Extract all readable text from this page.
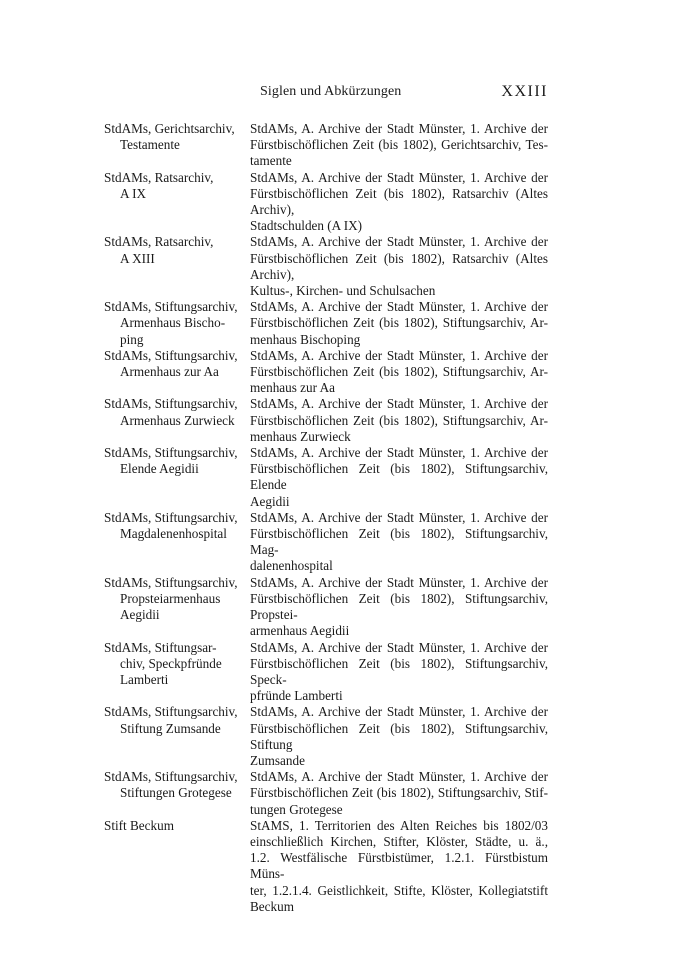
Siglen und Abkürzungen	XXIII
StdAMs, Gerichtsarchiv,
Testamente
StdAMs, A. Archive der Stadt Münster, 1. Archive der
Fürstbischöflichen Zeit (bis 1802), Gerichtsarchiv, Tes-
tamente
StdAMs, Ratsarchiv,
A IX
StdAMs, A. Archive der Stadt Münster, 1. Archive der
Fürstbischöflichen Zeit (bis 1802), Ratsarchiv (Altes Archiv),
Stadtschulden (A IX)
StdAMs, Ratsarchiv,
A XIII
StdAMs, A. Archive der Stadt Münster, 1. Archive der
Fürstbischöflichen Zeit (bis 1802), Ratsarchiv (Altes Archiv),
Kultus-, Kirchen- und Schulsachen
StdAMs, Stiftungsarchiv,
Armenhaus Bischo-
ping
StdAMs, A. Archive der Stadt Münster, 1. Archive der
Fürstbischöflichen Zeit (bis 1802), Stiftungsarchiv, Ar-
menhaus Bischoping
StdAMs, Stiftungsarchiv,
Armenhaus zur Aa
StdAMs, A. Archive der Stadt Münster, 1. Archive der
Fürstbischöflichen Zeit (bis 1802), Stiftungsarchiv, Ar-
menhaus zur Aa
StdAMs, Stiftungsarchiv,
Armenhaus Zurwieck
StdAMs, A. Archive der Stadt Münster, 1. Archive der
Fürstbischöflichen Zeit (bis 1802), Stiftungsarchiv, Ar-
menhaus Zurwieck
StdAMs, Stiftungsarchiv,
Elende Aegidii
StdAMs, A. Archive der Stadt Münster, 1. Archive der
Fürstbischöflichen Zeit (bis 1802), Stiftungsarchiv, Elende
Aegidii
StdAMs, Stiftungsarchiv,
Magdalenenhospital
StdAMs, A. Archive der Stadt Münster, 1. Archive der
Fürstbischöflichen Zeit (bis 1802), Stiftungsarchiv, Mag-
dalenenhospital
StdAMs, Stiftungsarchiv,
Propsteiarmenhaus
Aegidii
StdAMs, A. Archive der Stadt Münster, 1. Archive der
Fürstbischöflichen Zeit (bis 1802), Stiftungsarchiv, Propstei-
armenhaus Aegidii
StdAMs, Stiftungsar-
chiv, Speckpfründe
Lamberti
StdAMs, A. Archive der Stadt Münster, 1. Archive der
Fürstbischöflichen Zeit (bis 1802), Stiftungsarchiv, Speck-
pfründe Lamberti
StdAMs, Stiftungsarchiv,
Stiftung Zumsande
StdAMs, A. Archive der Stadt Münster, 1. Archive der
Fürstbischöflichen Zeit (bis 1802), Stiftungsarchiv, Stiftung
Zumsande
StdAMs, Stiftungsarchiv,
Stiftungen Grotegese
StdAMs, A. Archive der Stadt Münster, 1. Archive der
Fürstbischöflichen Zeit (bis 1802), Stiftungsarchiv, Stif-
tungen Grotegese
Stift Beckum	StAMS, 1. Territorien des Alten Reiches bis 1802/03
einschließlich Kirchen, Stifter, Klöster, Städte, u. ä.,
1.2. Westfälische Fürstbistümer, 1.2.1. Fürstbistum Müns-
ter, 1.2.1.4. Geistlichkeit, Stifte, Klöster, Kollegiatstift
Beckum
